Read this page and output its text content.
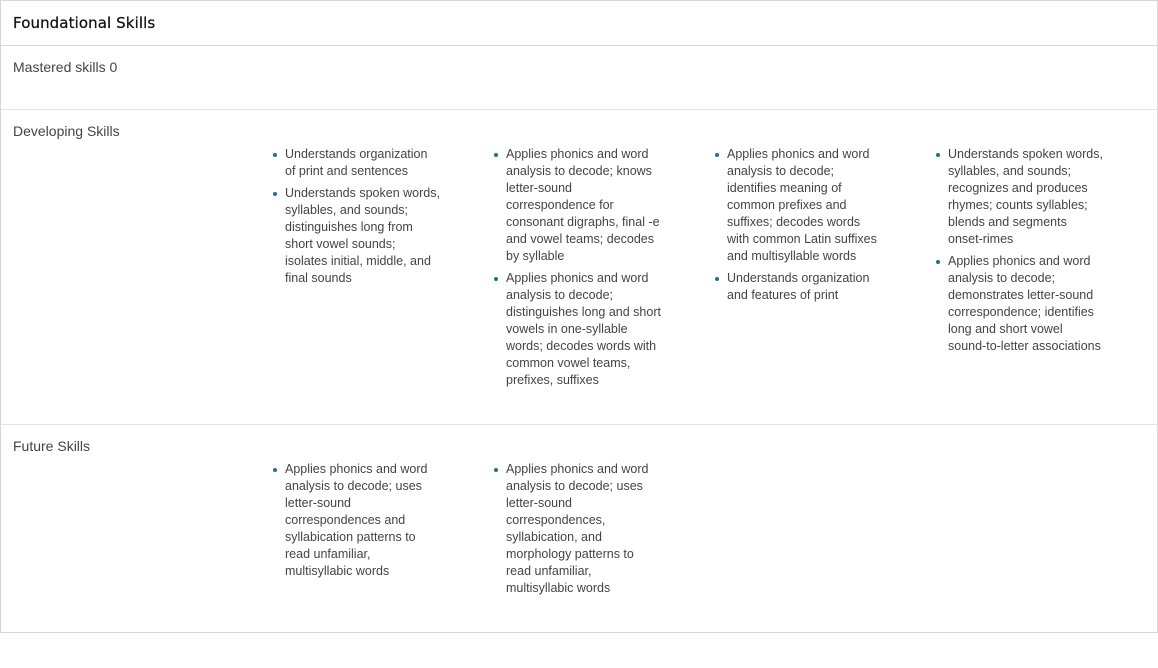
Foundational Skills
Mastered skills 0
Developing Skills
Understands organization of print and sentences
Understands spoken words, syllables, and sounds; distinguishes long from short vowel sounds; isolates initial, middle, and final sounds
Applies phonics and word analysis to decode; knows letter-sound correspondence for consonant digraphs, final -e and vowel teams; decodes by syllable
Applies phonics and word analysis to decode; distinguishes long and short vowels in one-syllable words; decodes words with common vowel teams, prefixes, suffixes
Applies phonics and word analysis to decode; identifies meaning of common prefixes and suffixes; decodes words with common Latin suffixes and multisyllable words
Understands organization and features of print
Understands spoken words, syllables, and sounds; recognizes and produces rhymes; counts syllables; blends and segments onset-rimes
Applies phonics and word analysis to decode; demonstrates letter-sound correspondence; identifies long and short vowel sound-to-letter associations
Future Skills
Applies phonics and word analysis to decode; uses letter-sound correspondences and syllabication patterns to read unfamiliar, multisyllabic words
Applies phonics and word analysis to decode; uses letter-sound correspondences, syllabication, and morphology patterns to read unfamiliar, multisyllabic words
